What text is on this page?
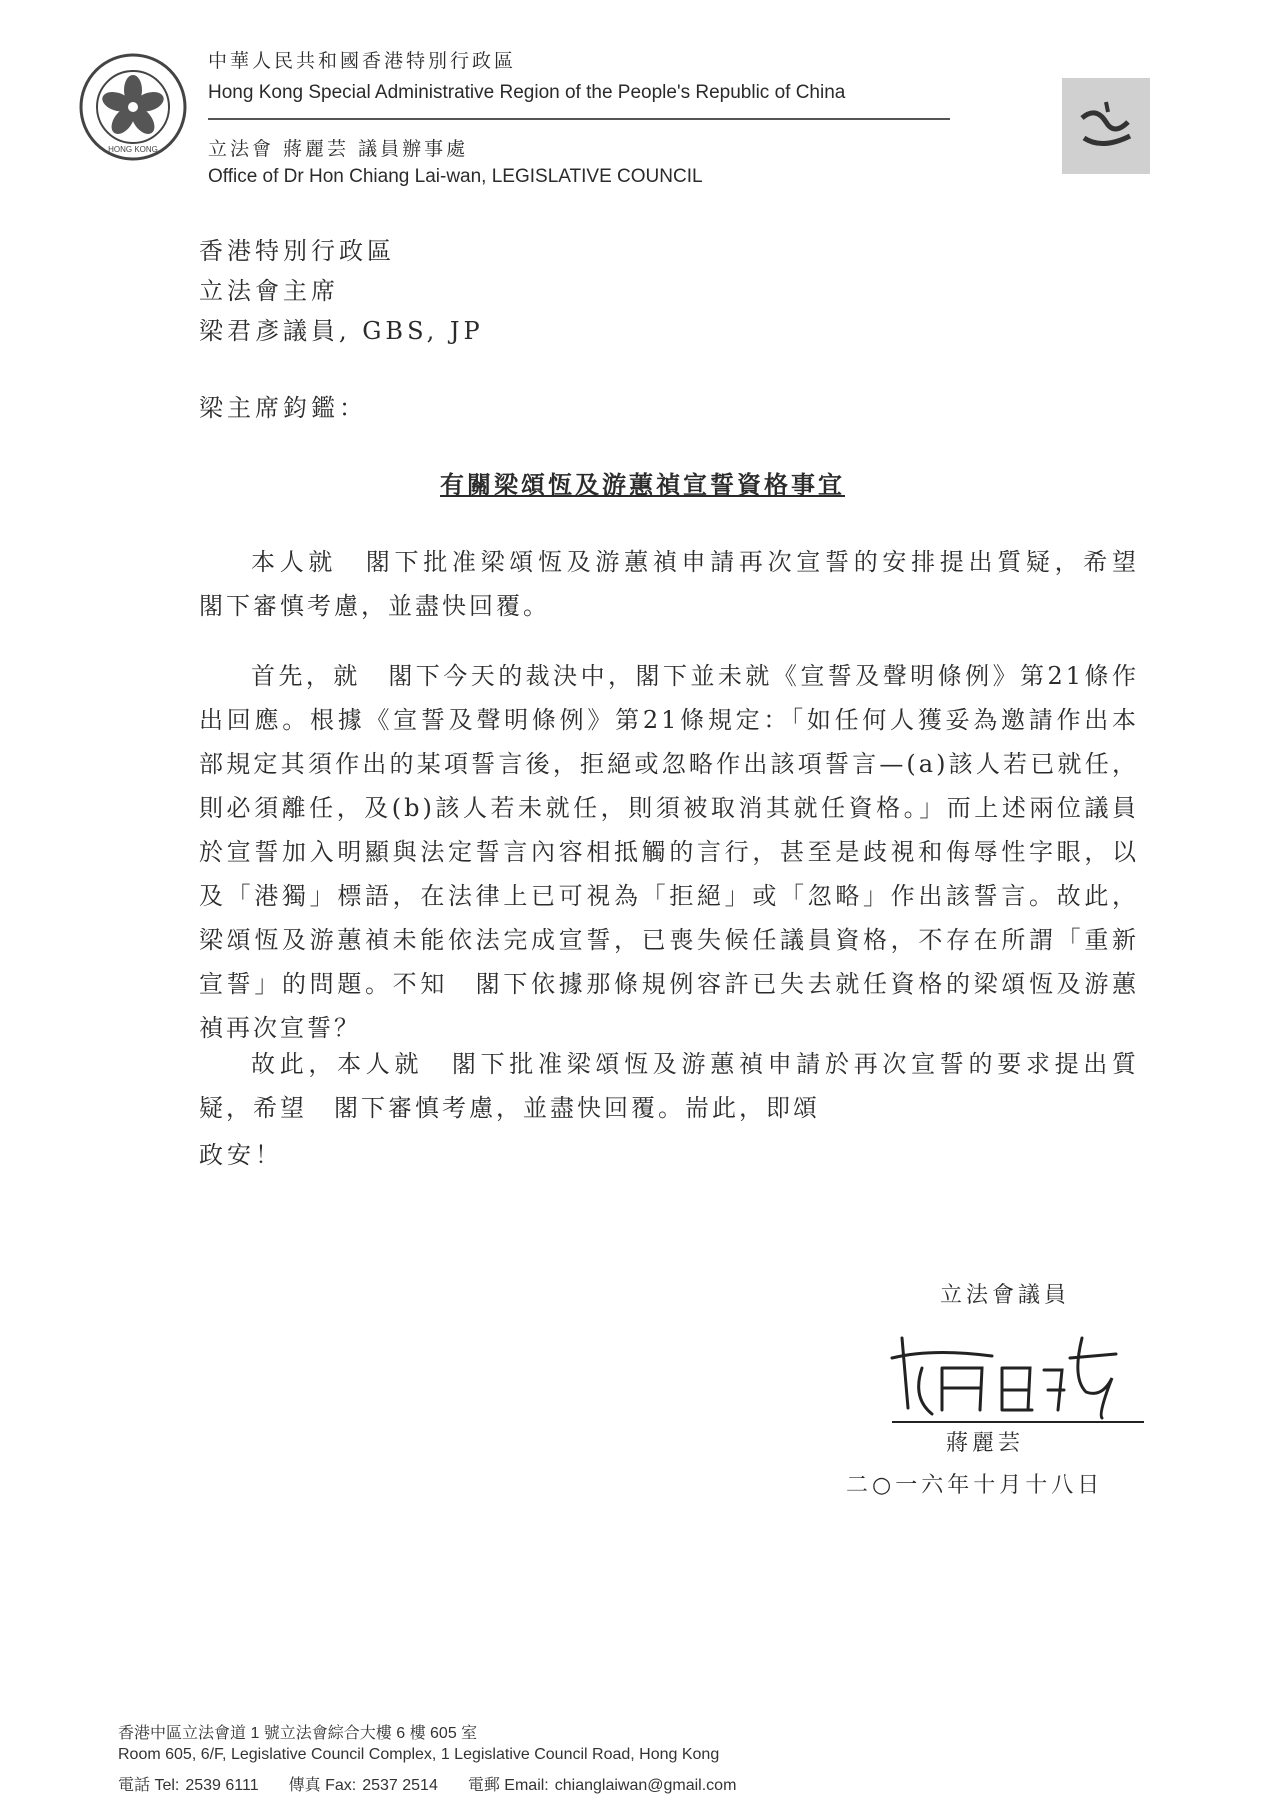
HONG KONG
中華人民共和國香港特別行政區
Hong Kong Special Administrative Region of the People's Republic of China
立法會 蔣麗芸 議員辦事處
Office of Dr Hon Chiang Lai-wan, LEGISLATIVE COUNCIL
香港特別行政區
立法會主席
梁君彥議員, GBS, JP
梁主席鈞鑑：
有關梁頌恆及游蕙禎宣誓資格事宜
本人就　閣下批准梁頌恆及游蕙禎申請再次宣誓的安排提出質疑，希望　閣下審慎考慮，並盡快回覆。
首先，就　閣下今天的裁決中，閣下並未就《宣誓及聲明條例》第21條作出回應。根據《宣誓及聲明條例》第21條規定：「如任何人獲妥為邀請作出本部規定其須作出的某項誓言後，拒絕或忽略作出該項誓言—(a)該人若已就任，則必須離任，及(b)該人若未就任，則須被取消其就任資格。」而上述兩位議員於宣誓加入明顯與法定誓言內容相抵觸的言行，甚至是歧視和侮辱性字眼，以及「港獨」標語，在法律上已可視為「拒絕」或「忽略」作出該誓言。故此，梁頌恆及游蕙禎未能依法完成宣誓，已喪失候任議員資格，不存在所謂「重新宣誓」的問題。不知　閣下依據那條規例容許已失去就任資格的梁頌恆及游蕙禎再次宣誓？
故此，本人就　閣下批准梁頌恆及游蕙禎申請於再次宣誓的要求提出質疑，希望　閣下審慎考慮，並盡快回覆。耑此，即頌
政安！
立法會議員
蔣麗芸
二○一六年十月十八日
香港中區立法會道 1 號立法會綜合大樓 6 樓 605 室
Room 605, 6/F, Legislative Council Complex, 1 Legislative Council Road, Hong Kong
電話 Tel: 2539 6111 傳真 Fax: 2537 2514 電郵 Email: chianglaiwan@gmail.com
